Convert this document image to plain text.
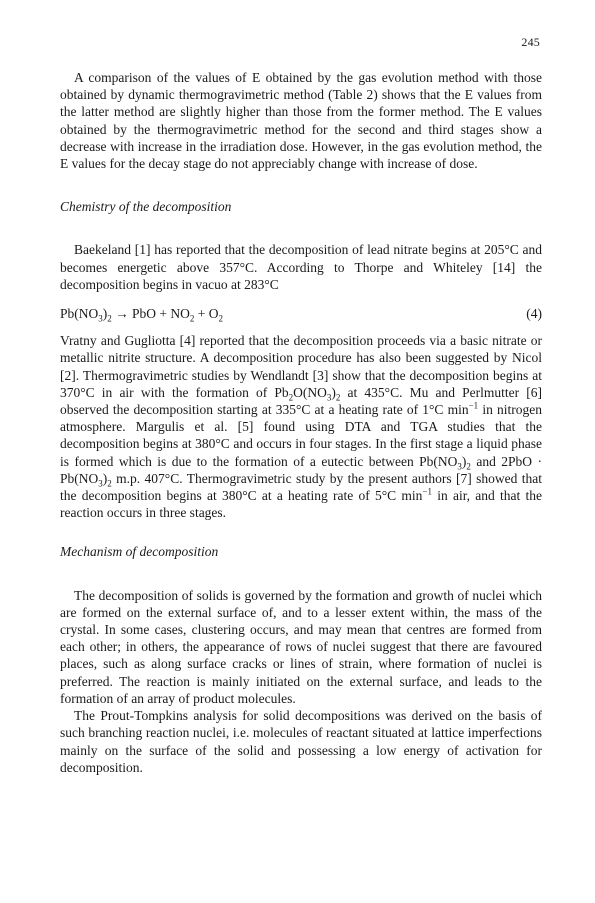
245

A comparison of the values of E obtained by the gas evolution method with those obtained by dynamic thermogravimetric method (Table 2) shows that the E values from the latter method are slightly higher than those from the former method. The E values obtained by the thermogravimetric method for the second and third stages show a decrease with increase in the irradiation dose. However, in the gas evolution method, the E values for the decay stage do not appreciably change with increase of dose.

Chemistry of the decomposition

Baekeland [1] has reported that the decomposition of lead nitrate begins at 205°C and becomes energetic above 357°C. According to Thorpe and Whiteley [14] the decomposition begins in vacuo at 283°C

$Pb(NO_3)_2$ → PbO + $NO_2 + O_2$	(4)

Vratny and Gugliotta [4] reported that the decomposition proceeds via a basic nitrate or metallic nitrite structure. A decomposition procedure has also been suggested by Nicol [2]. Thermogravimetric studies by Wendlandt [3] show that the decomposition begins at 370°C in air with the formation of $Pb_2O(NO_3)_2$ at 435°C. Mu and Perlmutter [6] observed the decomposition starting at 335°C at a heating rate of 1°C $\min^{-1}$ in nitrogen atmosphere. Margulis et al. [5] found using DTA and TGA studies that the decomposition begins at 380°C and occurs in four stages. In the first stage a liquid phase is formed which is due to the formation of a eutectic between $Pb(NO_3)_2$ and $2PbO \cdot Pb(NO_3)_2$ m.p. 407°C. Thermogravimetric study by the present authors [7] showed that the decomposition begins at 380°C at a heating rate of 5°C $\min^{-1}$ in air, and that the reaction occurs in three stages.

Mechanism of decomposition

The decomposition of solids is governed by the formation and growth of nuclei which are formed on the external surface of, and to a lesser extent within, the mass of the crystal. In some cases, clustering occurs, and may mean that centres are formed from each other; in others, the appearance of rows of nuclei suggest that there are favoured places, such as along surface cracks or lines of strain, where formation of nuclei is preferred. The reaction is mainly initiated on the external surface, and leads to the formation of an array of product molecules.

The Prout-Tompkins analysis for solid decompositions was derived on the basis of such branching reaction nuclei, i.e. molecules of reactant situated at lattice imperfections mainly on the surface of the solid and possessing a low energy of activation for decomposition.
